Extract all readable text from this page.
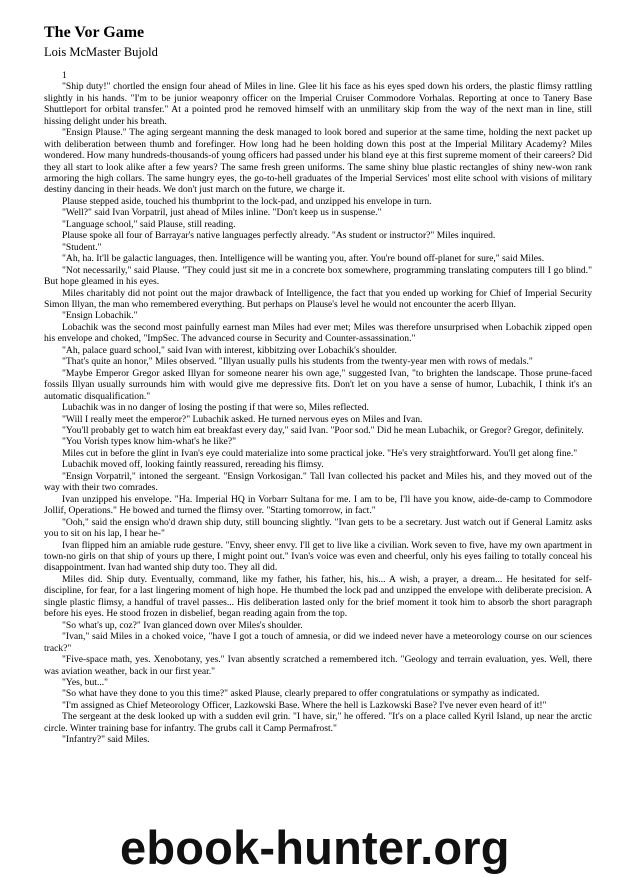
The Vor Game
Lois McMaster Bujold
1

"Ship duty!" chortled the ensign four ahead of Miles in line. Glee lit his face as his eyes sped down his orders, the plastic flimsy rattling slightly in his hands. "I'm to be junior weaponry officer on the Imperial Cruiser Commodore Vorhalas. Reporting at once to Tanery Base Shuttleport for orbital transfer." At a pointed prod he removed himself with an unmilitary skip from the way of the next man in line, still hissing delight under his breath.

"Ensign Plause." The aging sergeant manning the desk managed to look bored and superior at the same time, holding the next packet up with deliberation between thumb and forefinger. How long had he been holding down this post at the Imperial Military Academy? Miles wondered. How many hundreds-thousands-of young officers had passed under his bland eye at this first supreme moment of their careers? Did they all start to look alike after a few years? The same fresh green uniforms. The same shiny blue plastic rectangles of shiny new-won rank armoring the high collars. The same hungry eyes, the go-to-hell graduates of the Imperial Services' most elite school with visions of military destiny dancing in their heads. We don't just march on the future, we charge it.

Plause stepped aside, touched his thumbprint to the lock-pad, and unzipped his envelope in turn.

"Well?" said Ivan Vorpatril, just ahead of Miles inline. "Don't keep us in suspense."

"Language school," said Plause, still reading.

Plause spoke all four of Barrayar's native languages perfectly already. "As student or instructor?" Miles inquired.

"Student."

"Ah, ha. It'll be galactic languages, then. Intelligence will be wanting you, after. You're bound off-planet for sure," said Miles.

"Not necessarily," said Plause. "They could just sit me in a concrete box somewhere, programming translating computers till I go blind." But hope gleamed in his eyes.

Miles charitably did not point out the major drawback of Intelligence, the fact that you ended up working for Chief of Imperial Security Simon Illyan, the man who remembered everything. But perhaps on Plause's level he would not encounter the acerb Illyan.

"Ensign Lobachik."

Lobachik was the second most painfully earnest man Miles had ever met; Miles was therefore unsurprised when Lobachik zipped open his envelope and choked, "ImpSec. The advanced course in Security and Counter-assassination."

"Ah, palace guard school," said Ivan with interest, kibbitzing over Lobachik's shoulder.

"That's quite an honor," Miles observed. "Illyan usually pulls his students from the twenty-year men with rows of medals."

"Maybe Emperor Gregor asked Illyan for someone nearer his own age," suggested Ivan, "to brighten the landscape. Those prune-faced fossils Illyan usually surrounds him with would give me depressive fits. Don't let on you have a sense of humor, Lubachik, I think it's an automatic disqualification."

Lubachik was in no danger of losing the posting if that were so, Miles reflected.

"Will I really meet the emperor?" Lubachik asked. He turned nervous eyes on Miles and Ivan.

"You'll probably get to watch him eat breakfast every day," said Ivan. "Poor sod." Did he mean Lubachik, or Gregor? Gregor, definitely.

"You Vorish types know him-what's he like?"

Miles cut in before the glint in Ivan's eye could materialize into some practical joke. "He's very straightforward. You'll get along fine."

Lubachik moved off, looking faintly reassured, rereading his flimsy.

"Ensign Vorpatril," intoned the sergeant. "Ensign Vorkosigan." Tall Ivan collected his packet and Miles his, and they moved out of the way with their two comrades.

Ivan unzipped his envelope. "Ha. Imperial HQ in Vorbarr Sultana for me. I am to be, I'll have you know, aide-de-camp to Commodore Jollif, Operations." He bowed and turned the flimsy over. "Starting tomorrow, in fact."

"Ooh," said the ensign who'd drawn ship duty, still bouncing slightly. "Ivan gets to be a secretary. Just watch out if General Lamitz asks you to sit on his lap, I hear he-"

Ivan flipped him an amiable rude gesture. "Envy, sheer envy. I'll get to live like a civilian. Work seven to five, have my own apartment in town-no girls on that ship of yours up there, I might point out." Ivan's voice was even and cheerful, only his eyes failing to totally conceal his disappointment. Ivan had wanted ship duty too. They all did.

Miles did. Ship duty. Eventually, command, like my father, his father, his, his... A wish, a prayer, a dream... He hesitated for self-discipline, for fear, for a last lingering moment of high hope. He thumbed the lock pad and unzipped the envelope with deliberate precision. A single plastic flimsy, a handful of travel passes... His deliberation lasted only for the brief moment it took him to absorb the short paragraph before his eyes. He stood frozen in disbelief, began reading again from the top.

"So what's up, coz?" Ivan glanced down over Miles's shoulder.

"Ivan," said Miles in a choked voice, "have I got a touch of amnesia, or did we indeed never have a meteorology course on our sciences track?"

"Five-space math, yes. Xenobotany, yes." Ivan absently scratched a remembered itch. "Geology and terrain evaluation, yes. Well, there was aviation weather, back in our first year."

"Yes, but..."

"So what have they done to you this time?" asked Plause, clearly prepared to offer congratulations or sympathy as indicated.

"I'm assigned as Chief Meteorology Officer, Lazkowski Base. Where the hell is Lazkowski Base? I've never even heard of it!"

The sergeant at the desk looked up with a sudden evil grin. "I have, sir," he offered. "It's on a place called Kyril Island, up near the arctic circle. Winter training base for infantry. The grubs call it Camp Permafrost."

"Infantry?" said Miles.

ebook-hunter.org
